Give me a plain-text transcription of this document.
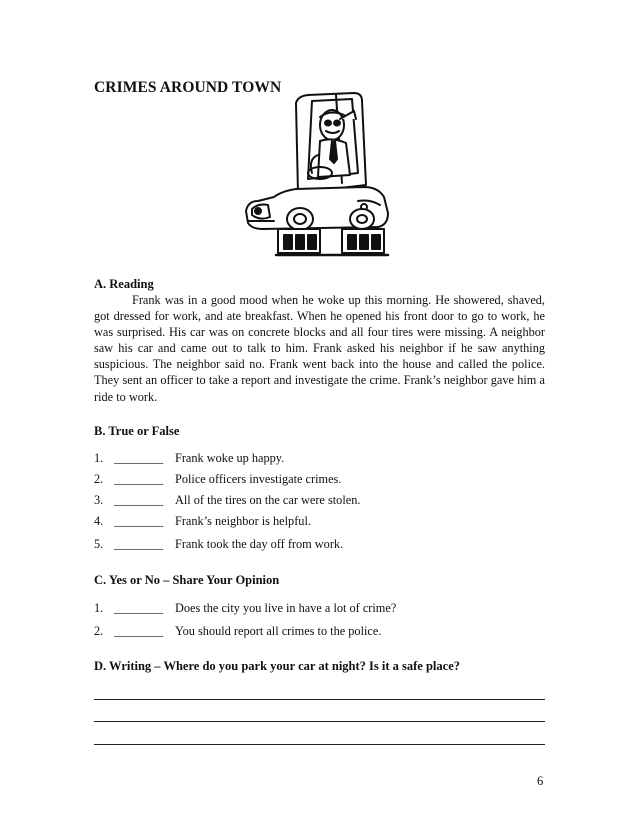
CRIMES AROUND TOWN
A. Reading

Frank was in a good mood when he woke up this morning. He showered, shaved, got dressed for work, and ate breakfast. When he opened his front door to go to work, he was surprised. His car was on concrete blocks and all four tires were missing. A neighbor saw his car and came out to talk to him. Frank asked his neighbor if he saw anything suspicious. The neighbor said no. Frank went back into the house and called the police. They sent an officer to take a report and investigate the crime. Frank’s neighbor gave him a ride to work.

B. True or False
1. ________ Frank woke up happy.
2. ________ Police officers investigate crimes.
3. ________ All of the tires on the car were stolen.
4. ________ Frank’s neighbor is helpful.
5. ________ Frank took the day off from work.
C. Yes or No – Share Your Opinion
1. ________ Does the city you live in have a lot of crime?
2. ________ You should report all crimes to the police.
D. Writing – Where do you park your car at night? Is it a safe place?
6
